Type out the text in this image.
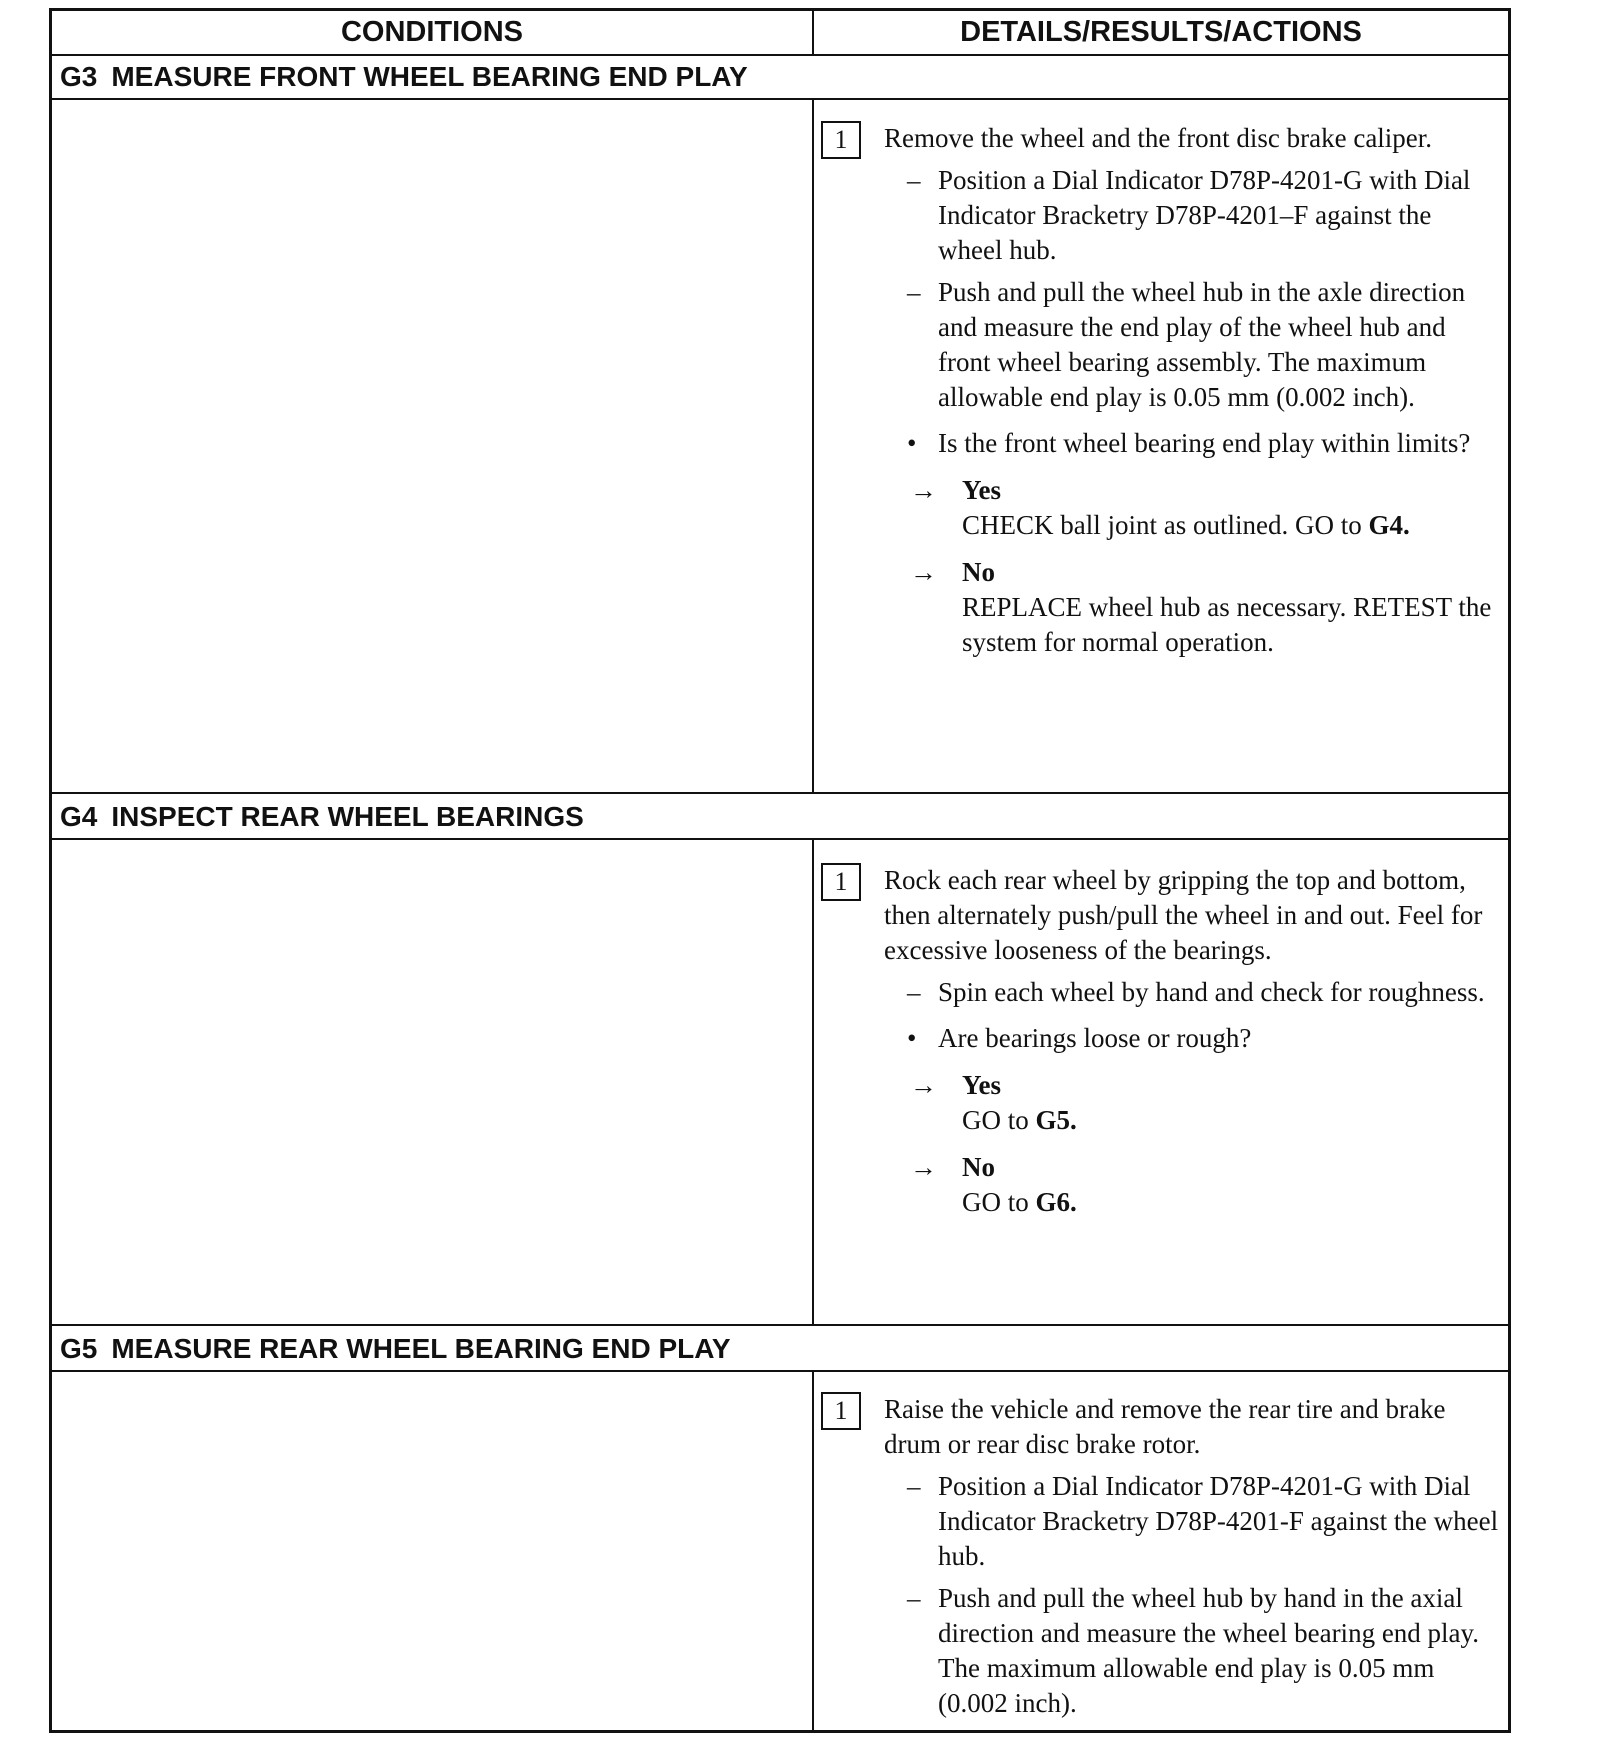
CONDITIONS	DETAILS/RESULTS/ACTIONS
G3 MEASURE FRONT WHEEL BEARING END PLAY
1	Remove the wheel and the front disc brake caliper.
– Position a Dial Indicator D78P-4201-G with Dial Indicator Bracketry D78P-4201–F against the wheel hub.
– Push and pull the wheel hub in the axle direction and measure the end play of the wheel hub and front wheel bearing assembly. The maximum allowable end play is 0.05 mm (0.002 inch).
• Is the front wheel bearing end play within limits?
→ Yes
CHECK ball joint as outlined. GO to G4.
→ No
REPLACE wheel hub as necessary. RETEST the system for normal operation.
G4 INSPECT REAR WHEEL BEARINGS
1	Rock each rear wheel by gripping the top and bottom, then alternately push/pull the wheel in and out. Feel for excessive looseness of the bearings.
– Spin each wheel by hand and check for roughness.
• Are bearings loose or rough?
→ Yes
GO to G5.
→ No
GO to G6.
G5 MEASURE REAR WHEEL BEARING END PLAY
1	Raise the vehicle and remove the rear tire and brake drum or rear disc brake rotor.
– Position a Dial Indicator D78P-4201-G with Dial Indicator Bracketry D78P-4201-F against the wheel hub.
– Push and pull the wheel hub by hand in the axial direction and measure the wheel bearing end play. The maximum allowable end play is 0.05 mm (0.002 inch).
